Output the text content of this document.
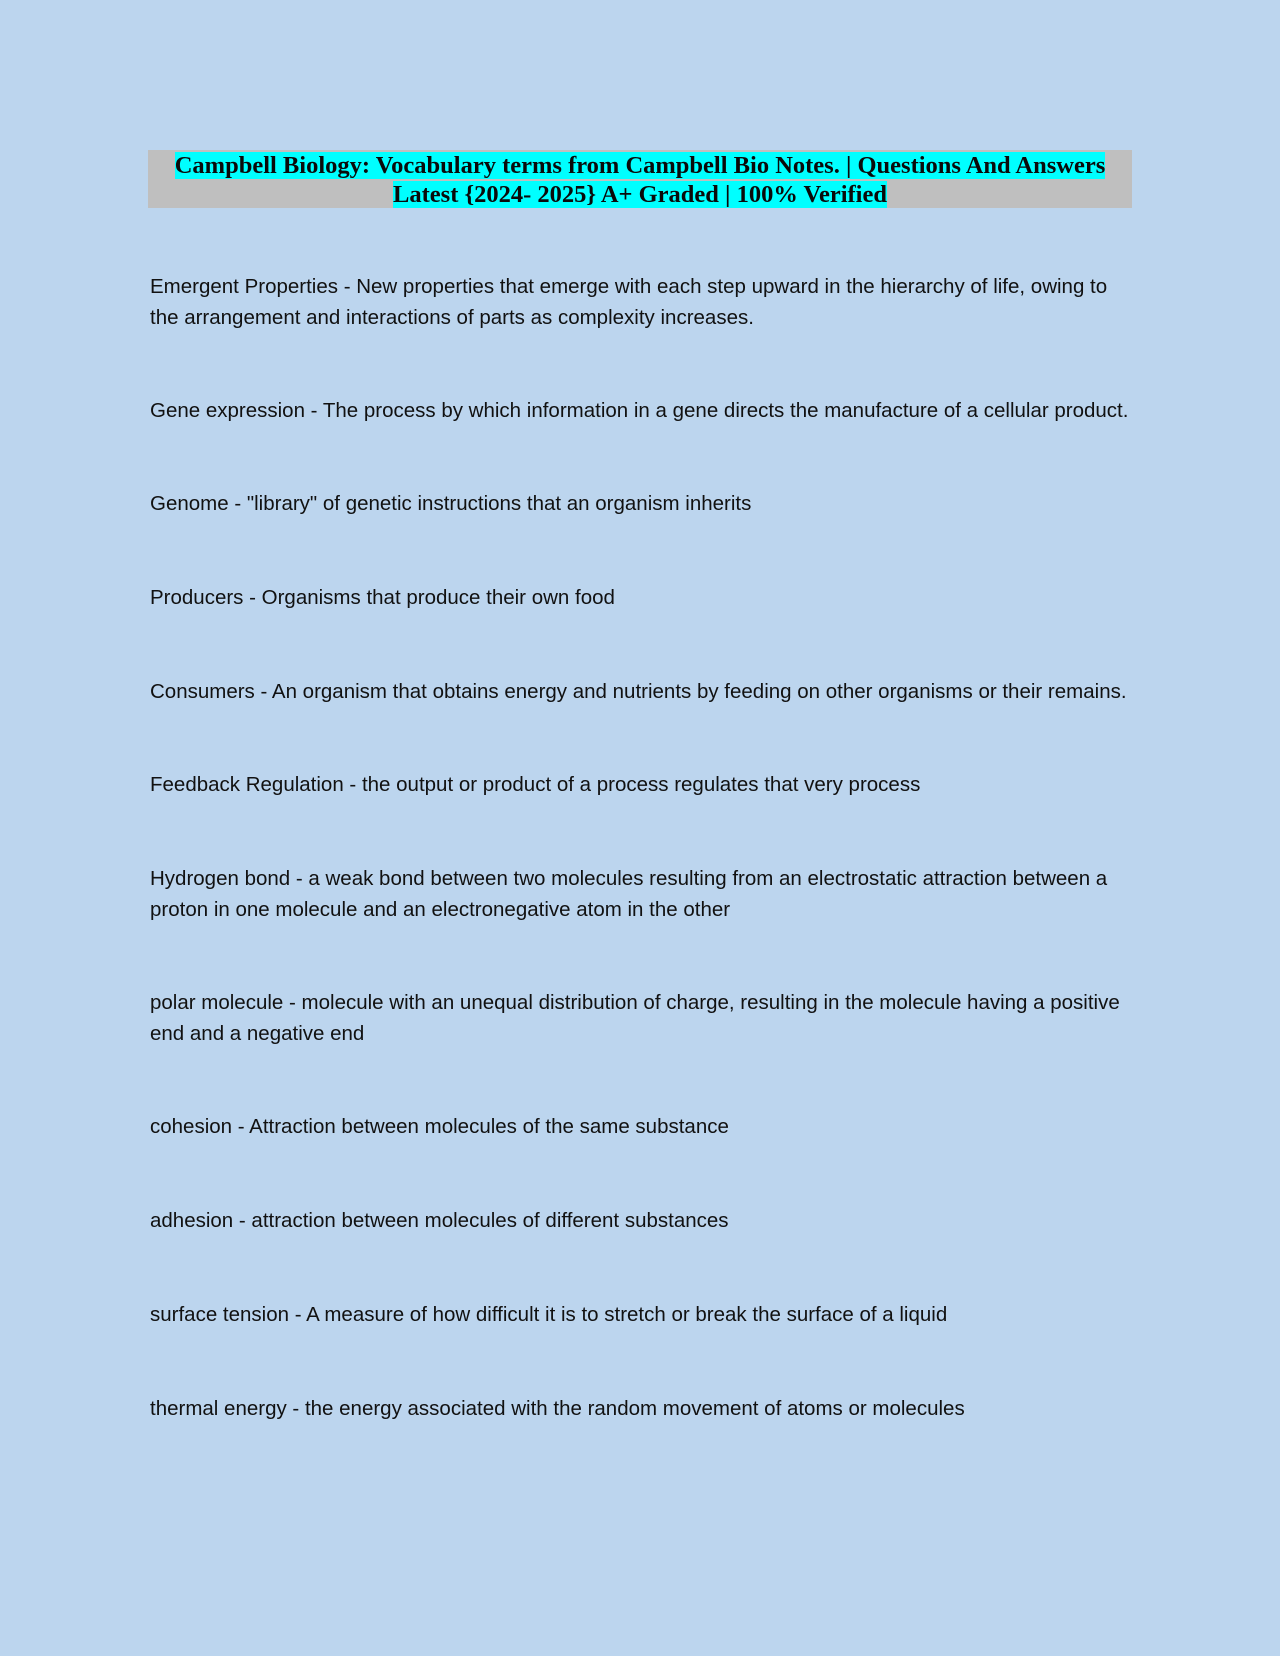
Campbell Biology: Vocabulary terms from Campbell Bio Notes. | Questions And Answers
Latest {2024- 2025} A+ Graded | 100% Verified
Emergent Properties - New properties that emerge with each step upward in the hierarchy of life, owing to the arrangement and interactions of parts as complexity increases.
Gene expression - The process by which information in a gene directs the manufacture of a cellular product.
Genome - "library" of genetic instructions that an organism inherits
Producers - Organisms that produce their own food
Consumers - An organism that obtains energy and nutrients by feeding on other organisms or their remains.
Feedback Regulation - the output or product of a process regulates that very process
Hydrogen bond - a weak bond between two molecules resulting from an electrostatic attraction between a proton in one molecule and an electronegative atom in the other
polar molecule - molecule with an unequal distribution of charge, resulting in the molecule having a positive end and a negative end
cohesion - Attraction between molecules of the same substance
adhesion - attraction between molecules of different substances
surface tension - A measure of how difficult it is to stretch or break the surface of a liquid
thermal energy - the energy associated with the random movement of atoms or molecules
